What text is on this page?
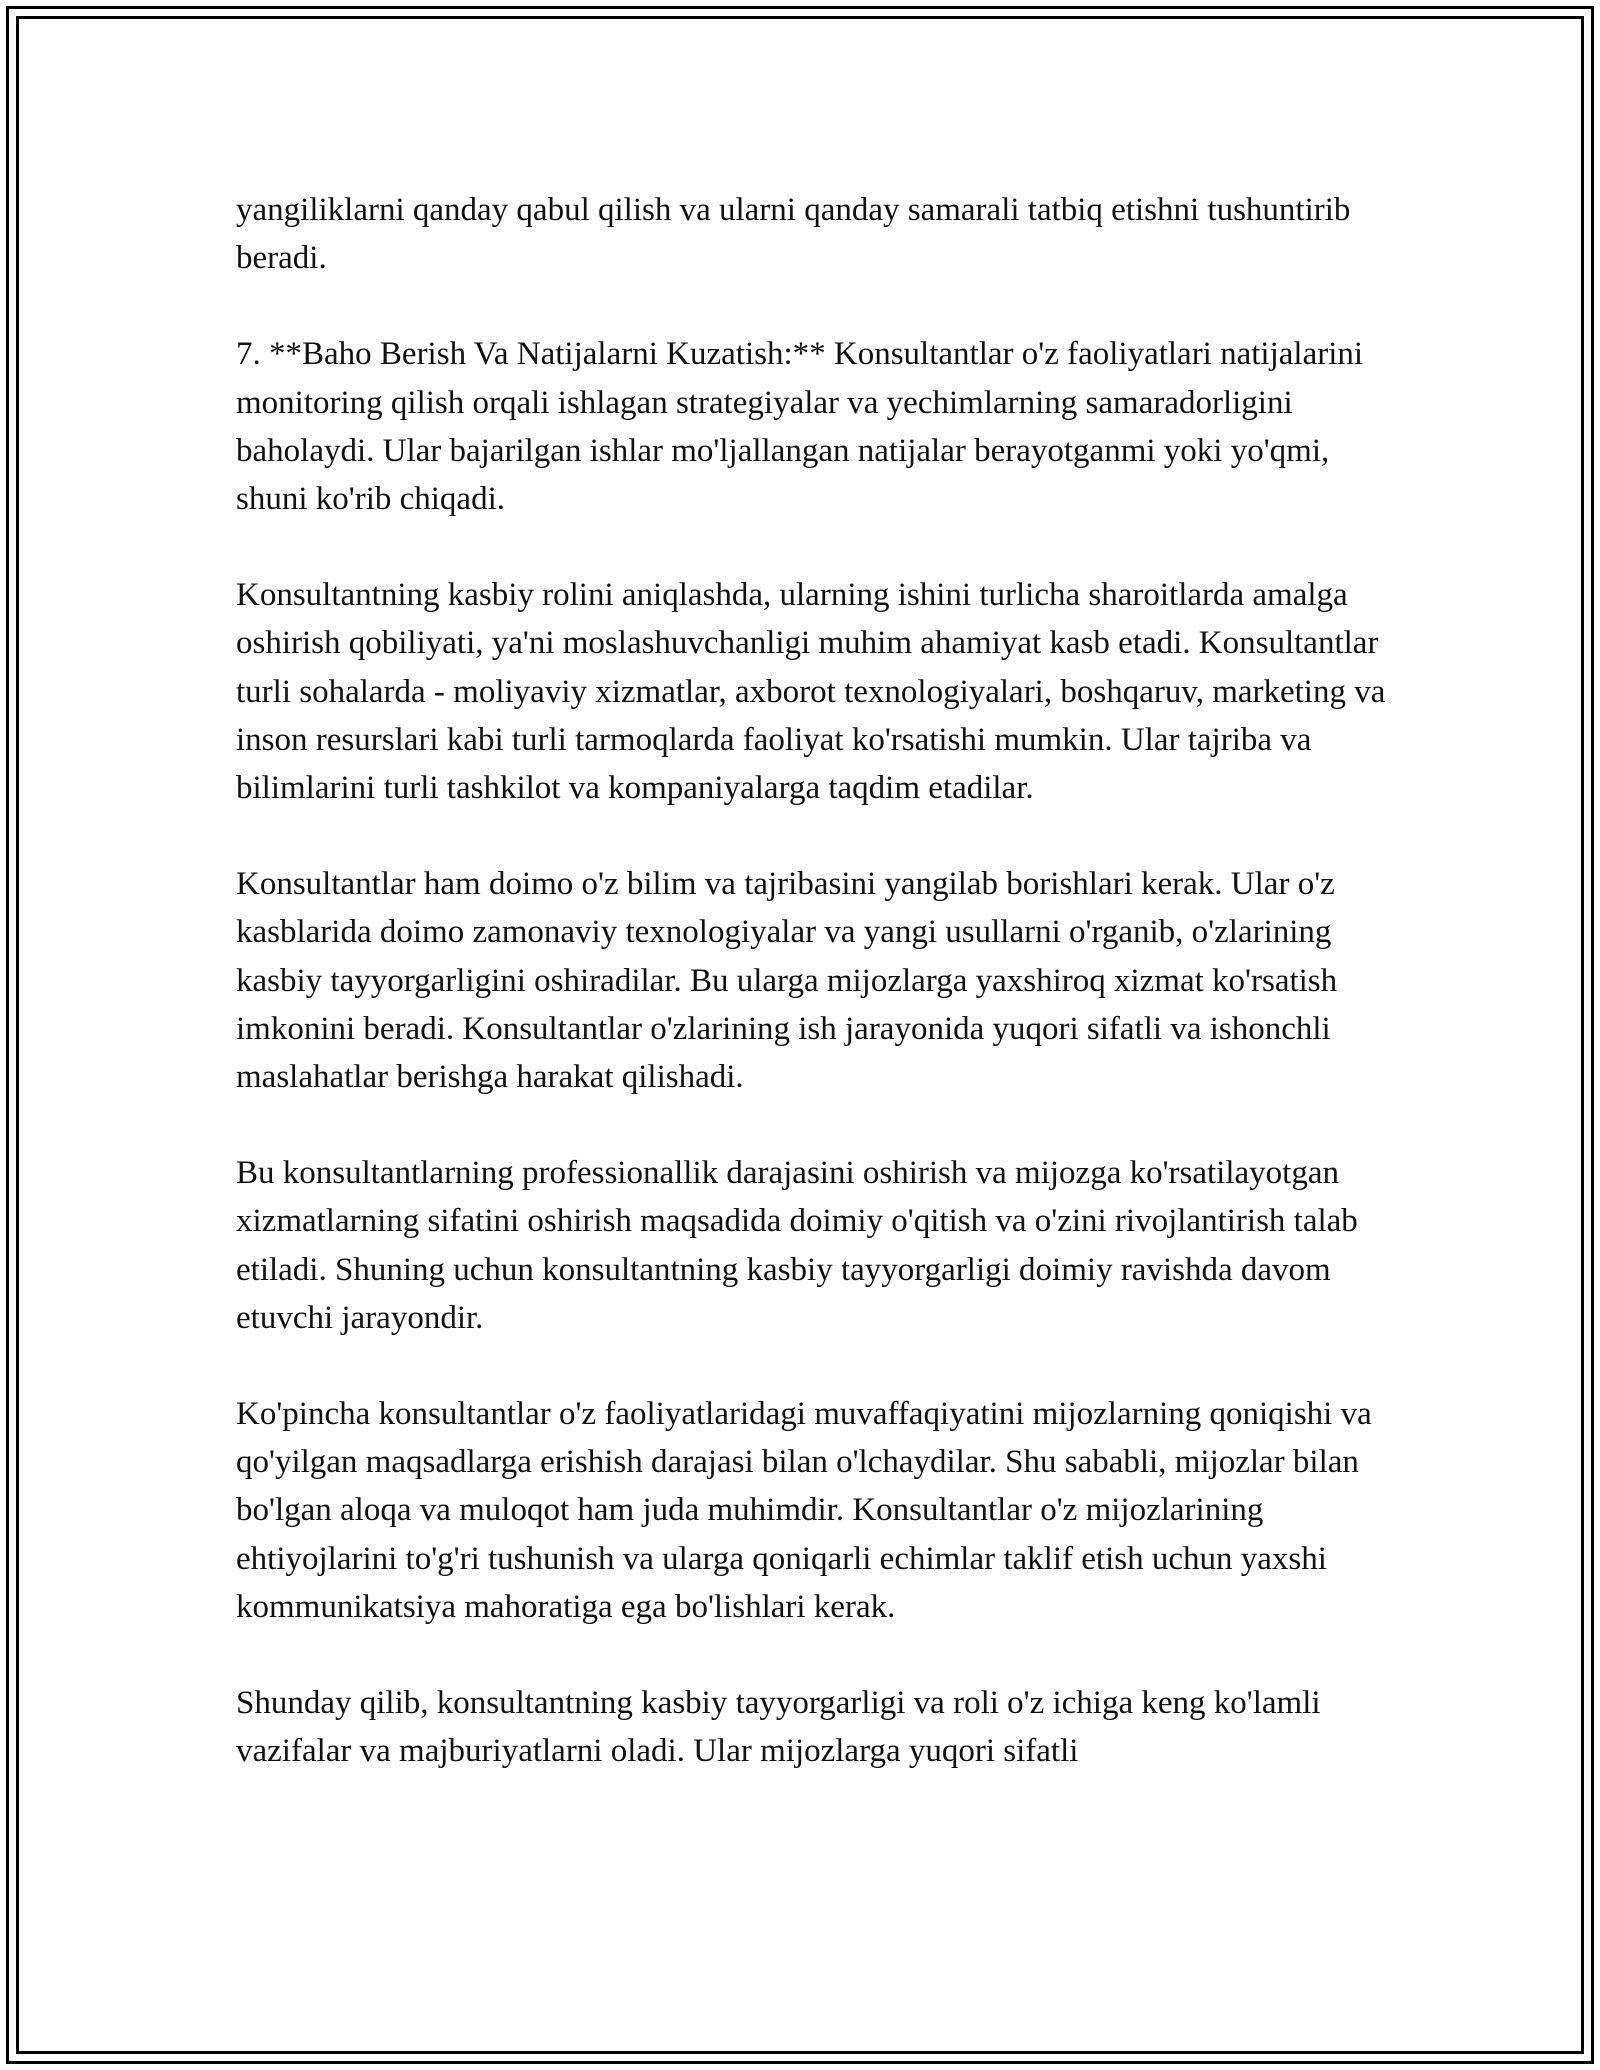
yangiliklarni qanday qabul qilish va ularni qanday samarali tatbiq etishni tushuntirib beradi.

7. **Baho Berish Va Natijalarni Kuzatish:** Konsultantlar o'z faoliyatlari natijalarini monitoring qilish orqali ishlagan strategiyalar va yechimlarning samaradorligini baholaydi. Ular bajarilgan ishlar mo'ljallangan natijalar berayotganmi yoki yo'qmi, shuni ko'rib chiqadi.

Konsultantning kasbiy rolini aniqlashda, ularning ishini turlicha sharoitlarda amalga oshirish qobiliyati, ya'ni moslashuvchanligi muhim ahamiyat kasb etadi. Konsultantlar turli sohalarda - moliyaviy xizmatlar, axborot texnologiyalari, boshqaruv, marketing va inson resurslari kabi turli tarmoqlarda faoliyat ko'rsatishi mumkin. Ular tajriba va bilimlarini turli tashkilot va kompaniyalarga taqdim etadilar.

Konsultantlar ham doimo o'z bilim va tajribasini yangilab borishlari kerak. Ular o'z kasblarida doimo zamonaviy texnologiyalar va yangi usullarni o'rganib, o'zlarining kasbiy tayyorgarligini oshiradilar. Bu ularga mijozlarga yaxshiroq xizmat ko'rsatish imkonini beradi. Konsultantlar o'zlarining ish jarayonida yuqori sifatli va ishonchli maslahatlar berishga harakat qilishadi.

Bu konsultantlarning professionallik darajasini oshirish va mijozga ko'rsatilayotgan xizmatlarning sifatini oshirish maqsadida doimiy o'qitish va o'zini rivojlantirish talab etiladi. Shuning uchun konsultantning kasbiy tayyorgarligi doimiy ravishda davom etuvchi jarayondir.

Ko'pincha konsultantlar o'z faoliyatlaridagi muvaffaqiyatini mijozlarning qoniqishi va qo'yilgan maqsadlarga erishish darajasi bilan o'lchaydilar. Shu sababli, mijozlar bilan bo'lgan aloqa va muloqot ham juda muhimdir. Konsultantlar o'z mijozlarining ehtiyojlarini to'g'ri tushunish va ularga qoniqarli echimlar taklif etish uchun yaxshi kommunikatsiya mahoratiga ega bo'lishlari kerak.

Shunday qilib, konsultantning kasbiy tayyorgarligi va roli o'z ichiga keng ko'lamli vazifalar va majburiyatlarni oladi. Ular mijozlarga yuqori sifatli
